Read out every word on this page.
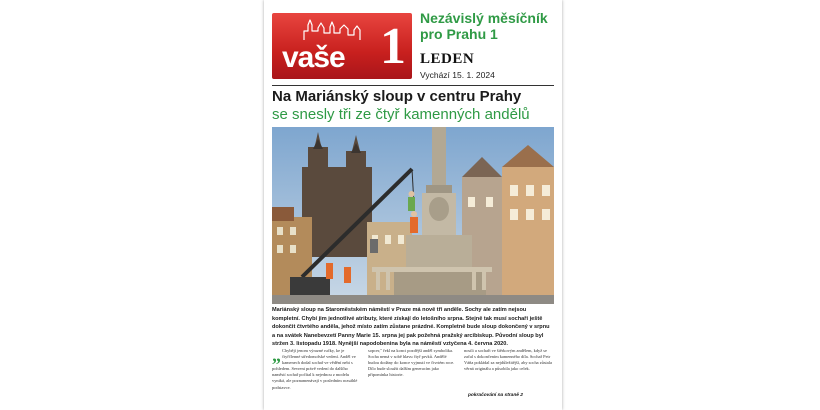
vaše 1 Nezávislý měsíčník pro Prahu 1
LEDEN
Vychází 15. 1. 2024
Na Mariánský sloup v centru Prahy
se snesly tři ze čtyř kamenných andělů
Mariánský sloup na Staroměstském náměstí v Praze má nově tři anděle. Sochy ale zatím nejsou kompletní. Chybí jim jednotlivé atributy, které získají do letošního srpna. Stejně tak musí sochaři ještě dokončit čtvrtého anděla, jehož místo zatím zůstane prázdné. Kompletně bude sloup dokončený v srpnu a na svátek Nanebevzetí Panny Marie 15. srpna jej pak požehná pražský arcibiskup. Původní sloup byl stržen 3. listopadu 1918. Nynější napodobenina byla na náměstí vztyčena 4. června 2020.
„ Chybějí jenom výrazné ručky, ke je čtyřčlenné středomořské vedení. Anděl ve kamenech dodal sochař ve vědění nebi s pohledem. Sevreni právě vedení do dalšího naměstí sochař počítal k nejednou z modelu vyniká, ale poznamenávají v posledním rozsáhlé podstavce.
sopcer," řekl na konci pozdější anděl symbolika. Socha nemá v sobě hlavu čtyř prvků. Andělé budou dodány do konce vyjmutí ve čtvrtém roce. Dílo bude sloužit dalším generacím jako připomínka historie.
nosili a sochaři ve štěrkovým andělem, když se začal s dokončením kamenného díla. Sochař Petr Váňa pokládal za nejdůležitější, aby socha zůstala věrná originálu a působila jako celek.
pokračování na straně 2
